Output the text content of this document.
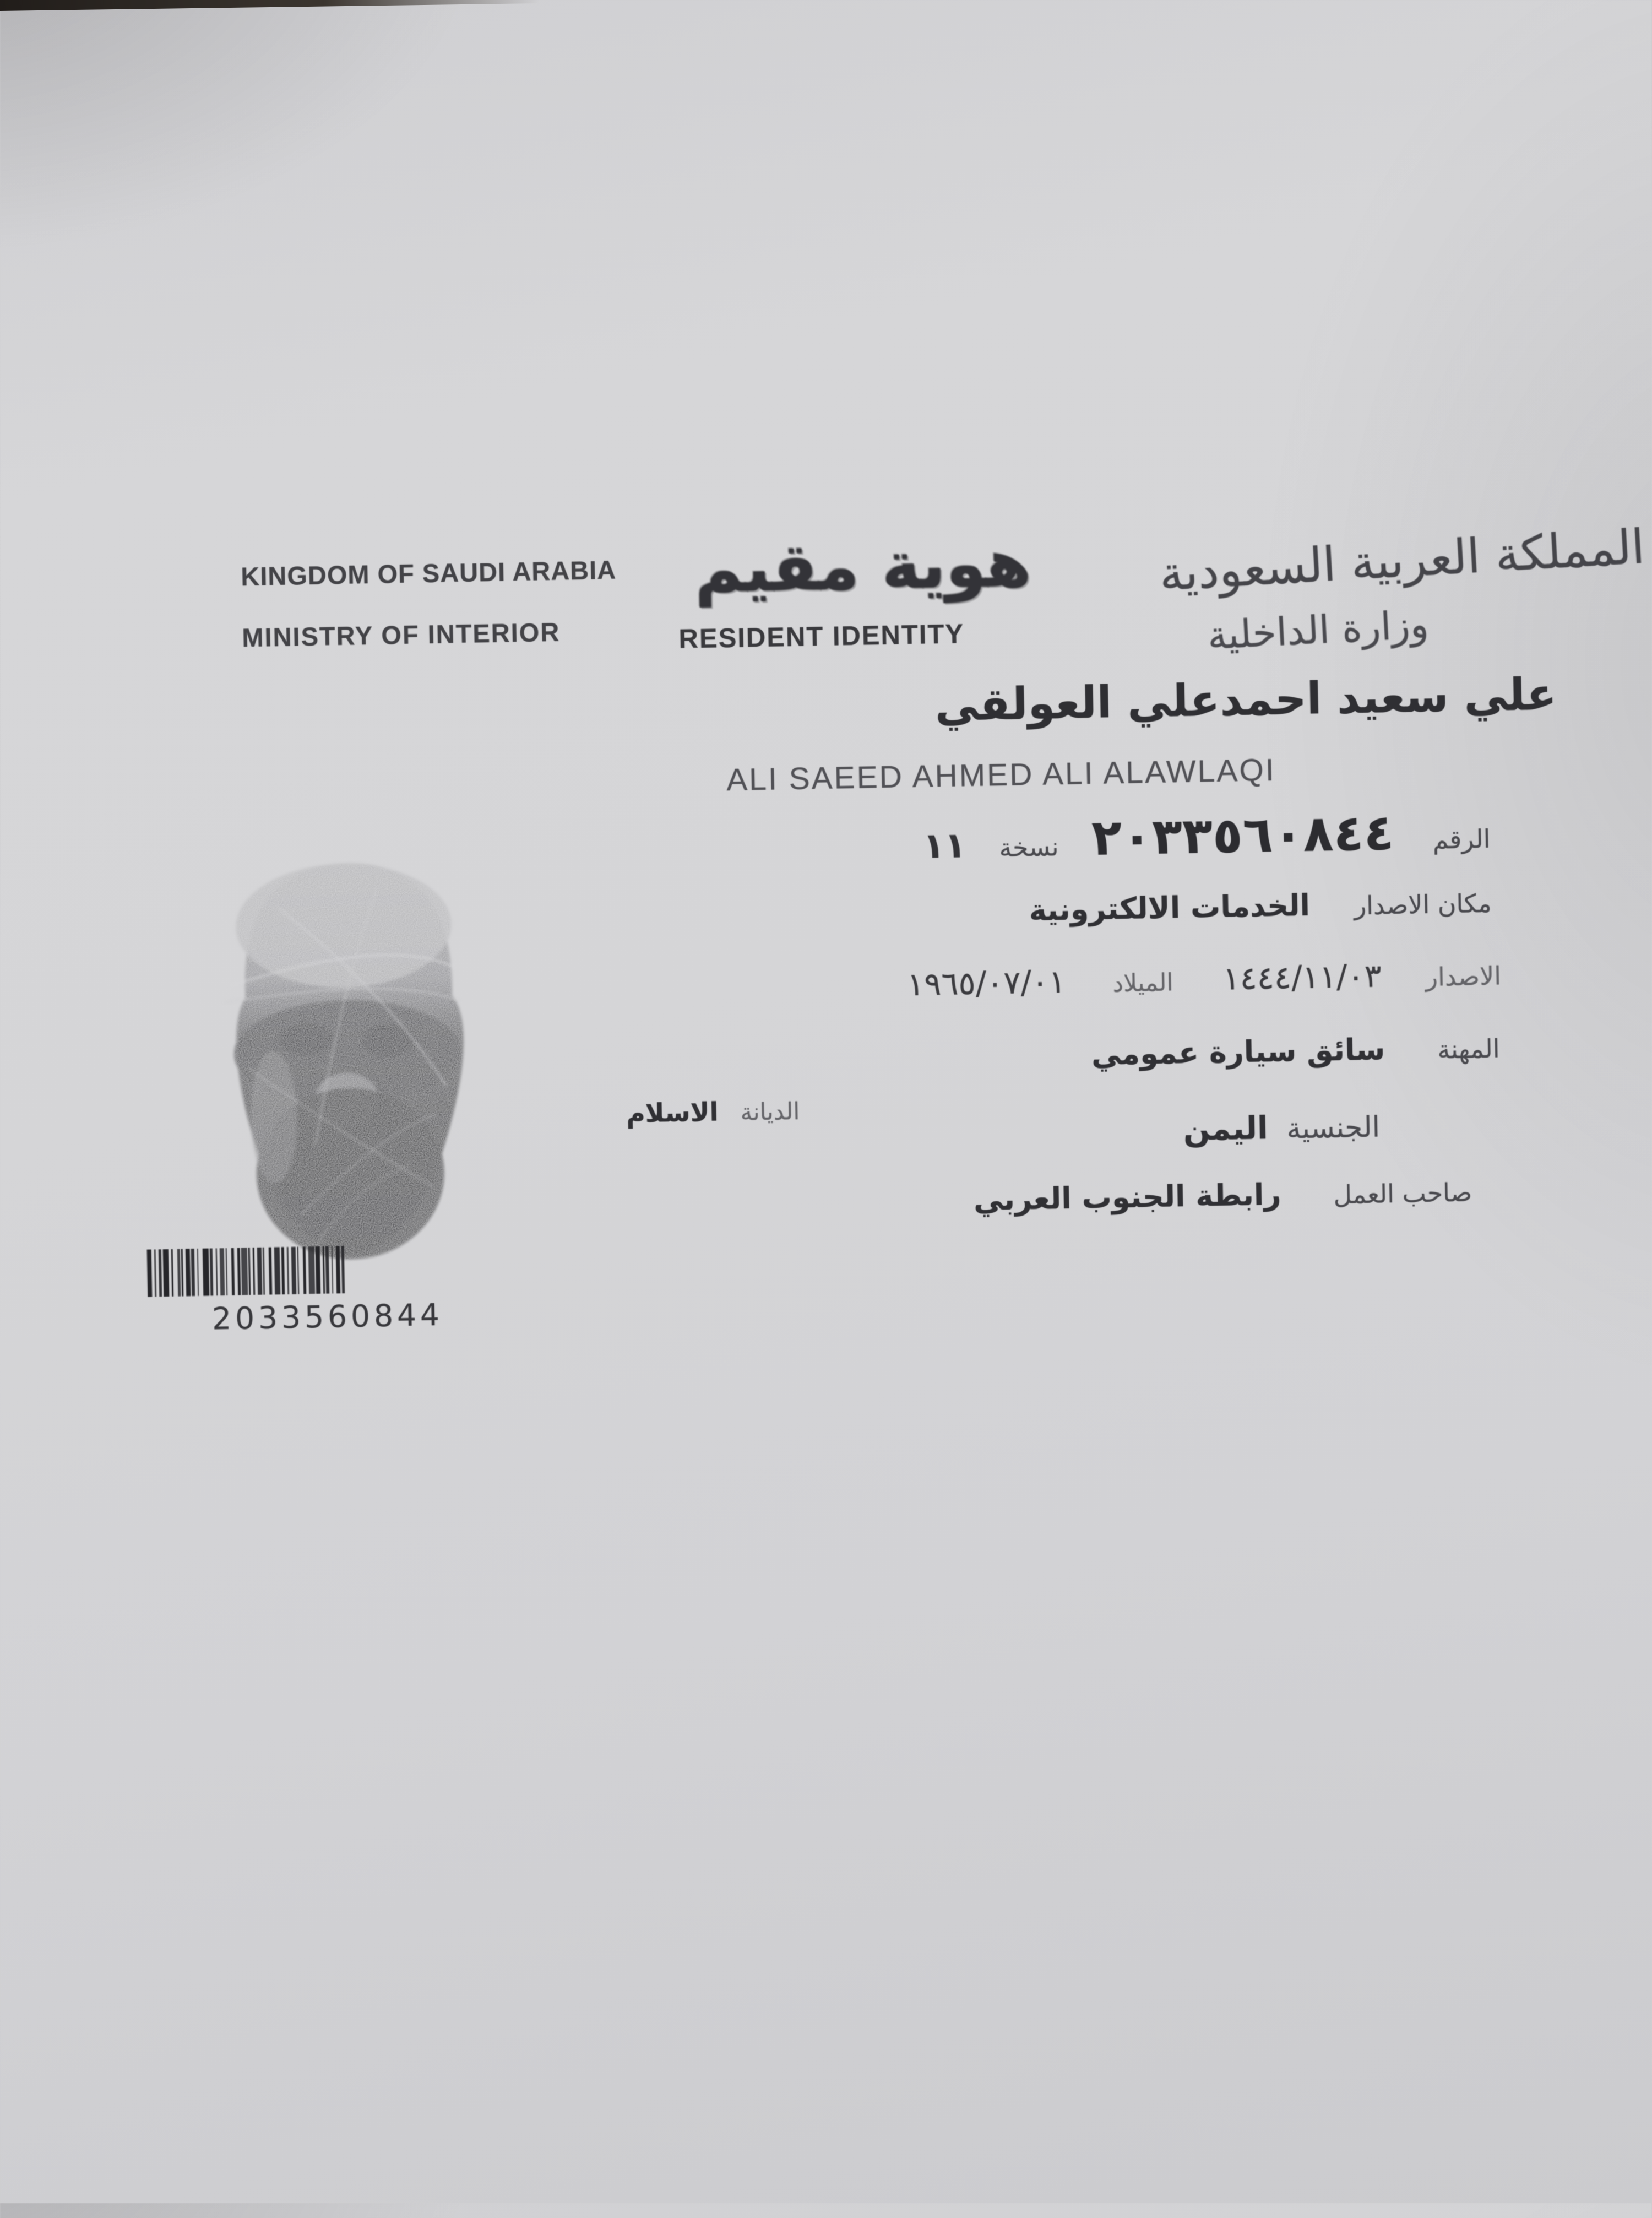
KINGDOM OF SAUDI ARABIA
MINISTRY OF INTERIOR
هوية مقيم
RESIDENT IDENTITY
المملكة العربية السعودية
وزارة الداخلية
علي سعيد احمدعلي العولقي
ALI SAEED AHMED ALI ALAWLAQI
الرقم
٢٠٣٣٥٦٠٨٤٤
نسخة
١١
مكان الاصدار
الخدمات الالكترونية
الاصدار
١٤٤٤/١١/٠٣
الميلاد
١٩٦٥/٠٧/٠١
المهنة
سائق سيارة عمومي
الجنسية
اليمن
الديانة
الاسلام
صاحب العمل
رابطة الجنوب العربي
2033560844
